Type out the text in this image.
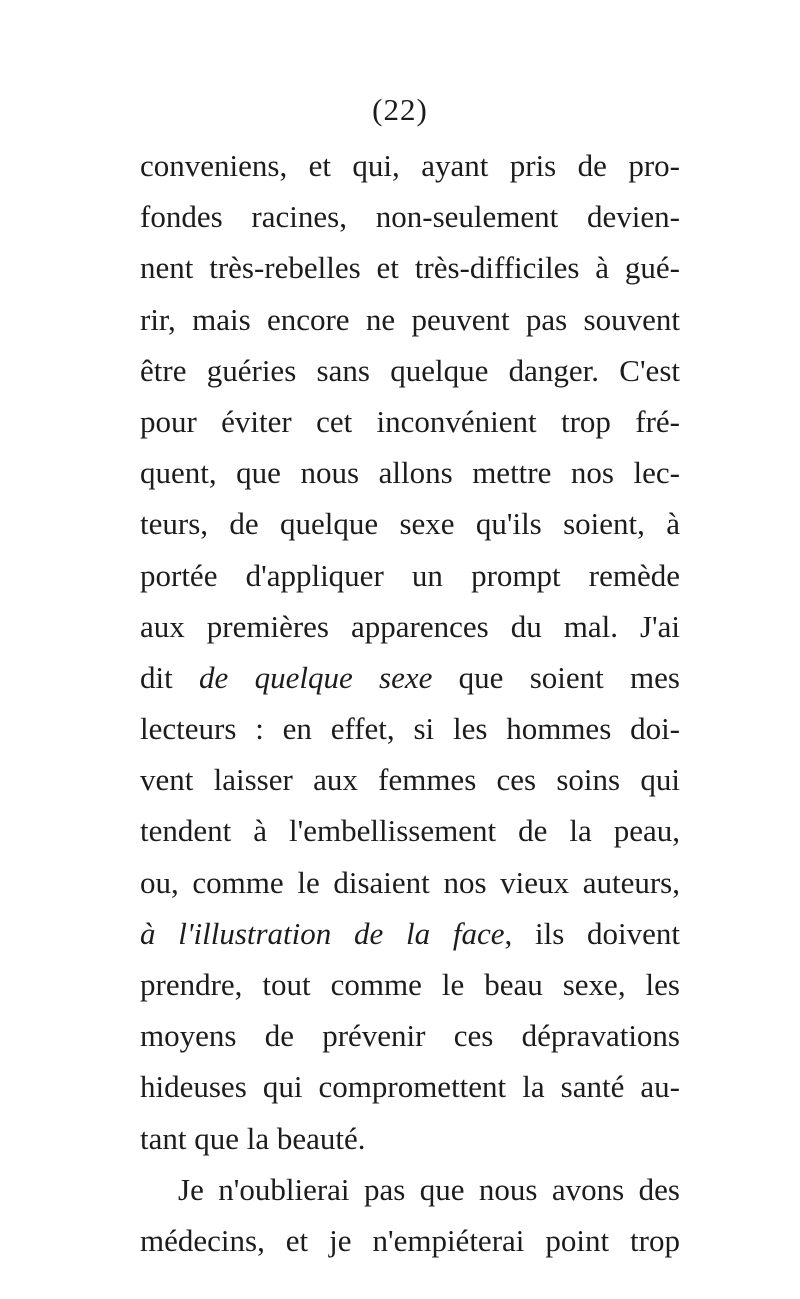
(22)
conveniens, et qui, ayant pris de pro-
fondes racines, non-seulement devien-
nent très-rebelles et très-difficiles à gué-
rir, mais encore ne peuvent pas souvent
être guéries sans quelque danger. C'est
pour éviter cet inconvénient trop fré-
quent, que nous allons mettre nos lec-
teurs, de quelque sexe qu'ils soient, à
portée d'appliquer un prompt remède
aux premières apparences du mal. J'ai
dit de quelque sexe que soient mes
lecteurs : en effet, si les hommes doi-
vent laisser aux femmes ces soins qui
tendent à l'embellissement de la peau,
ou, comme le disaient nos vieux auteurs,
à l'illustration de la face, ils doivent
prendre, tout comme le beau sexe, les
moyens de prévenir ces dépravations
hideuses qui compromettent la santé au-
tant que la beauté.
Je n'oublierai pas que nous avons des
médecins, et je n'empiéterai point trop
